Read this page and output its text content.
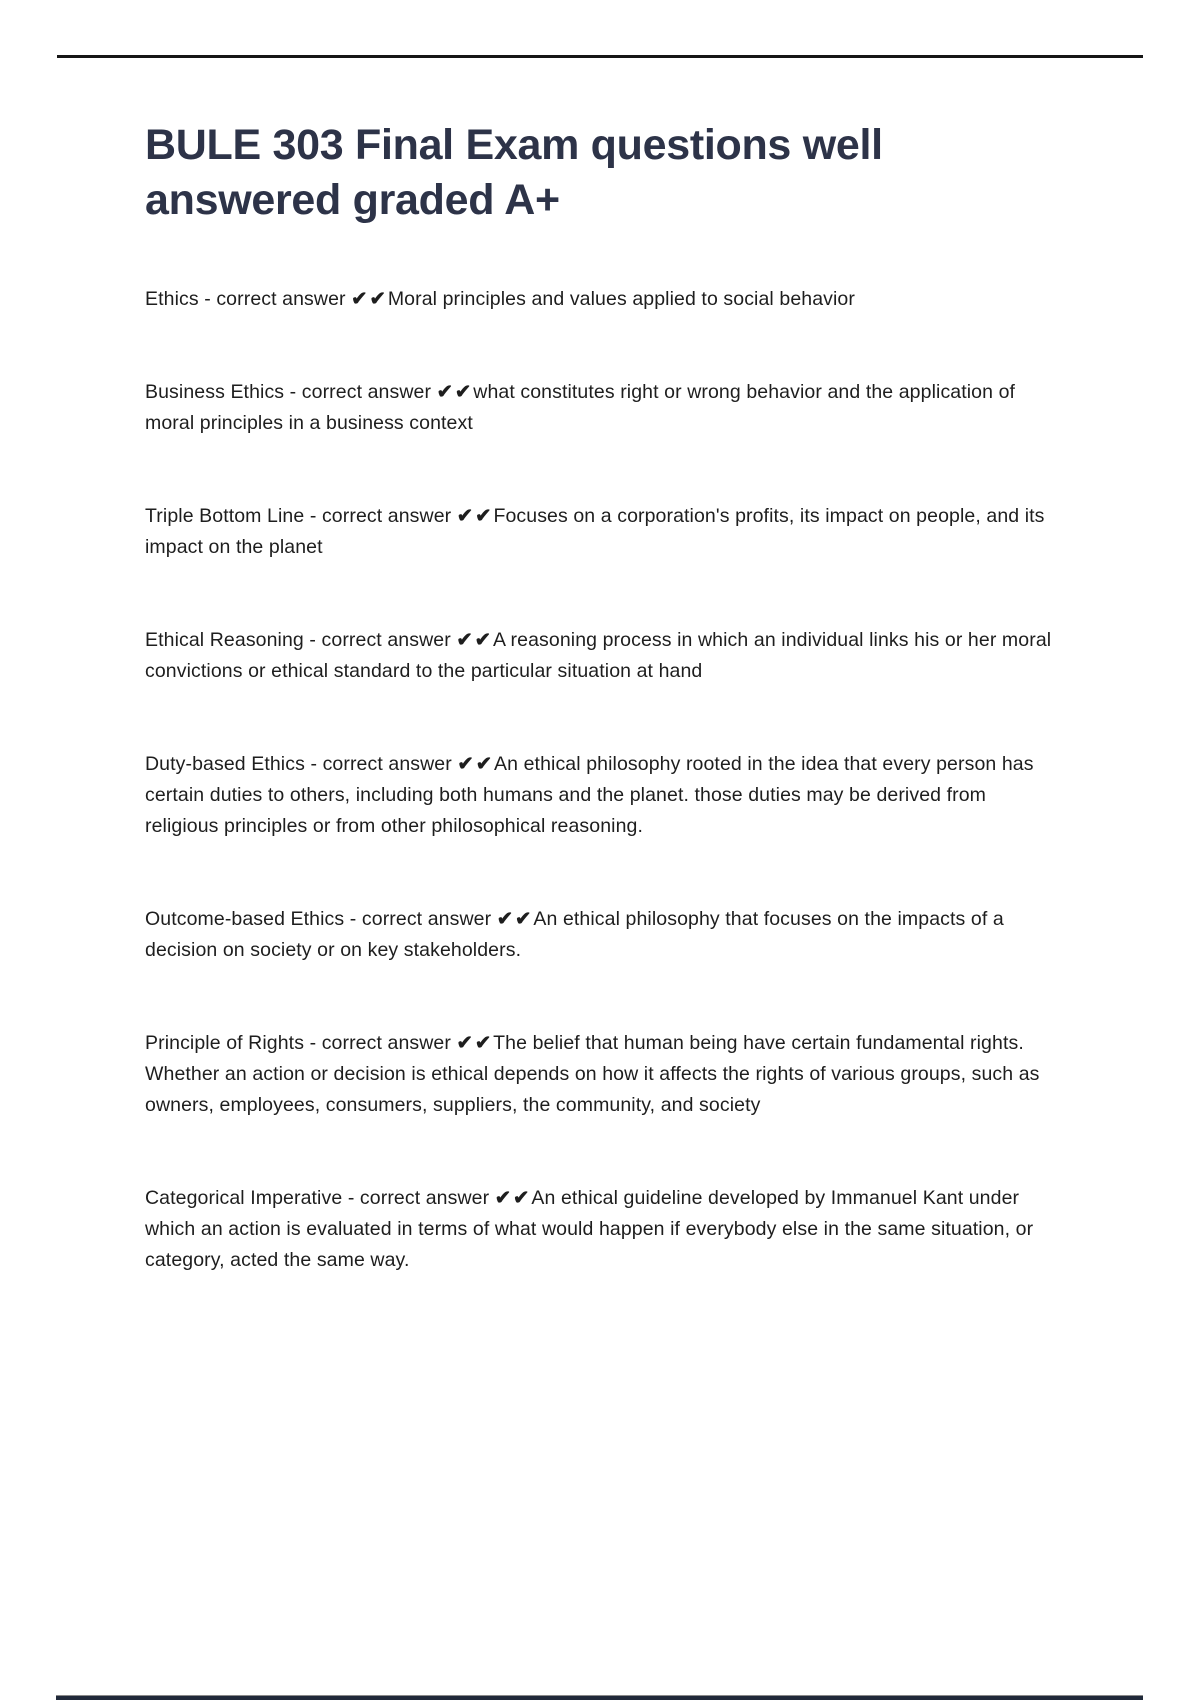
BULE 303 Final Exam questions well answered graded A+

Ethics - correct answer ✔✔Moral principles and values applied to social behavior

Business Ethics - correct answer ✔✔what constitutes right or wrong behavior and the application of moral principles in a business context

Triple Bottom Line - correct answer ✔✔Focuses on a corporation's profits, its impact on people, and its impact on the planet

Ethical Reasoning - correct answer ✔✔A reasoning process in which an individual links his or her moral convictions or ethical standard to the particular situation at hand

Duty-based Ethics - correct answer ✔✔An ethical philosophy rooted in the idea that every person has certain duties to others, including both humans and the planet. those duties may be derived from religious principles or from other philosophical reasoning.

Outcome-based Ethics - correct answer ✔✔An ethical philosophy that focuses on the impacts of a decision on society or on key stakeholders.

Principle of Rights - correct answer ✔✔The belief that human being have certain fundamental rights. Whether an action or decision is ethical depends on how it affects the rights of various groups, such as owners, employees, consumers, suppliers, the community, and society

Categorical Imperative - correct answer ✔✔An ethical guideline developed by Immanuel Kant under which an action is evaluated in terms of what would happen if everybody else in the same situation, or category, acted the same way.
